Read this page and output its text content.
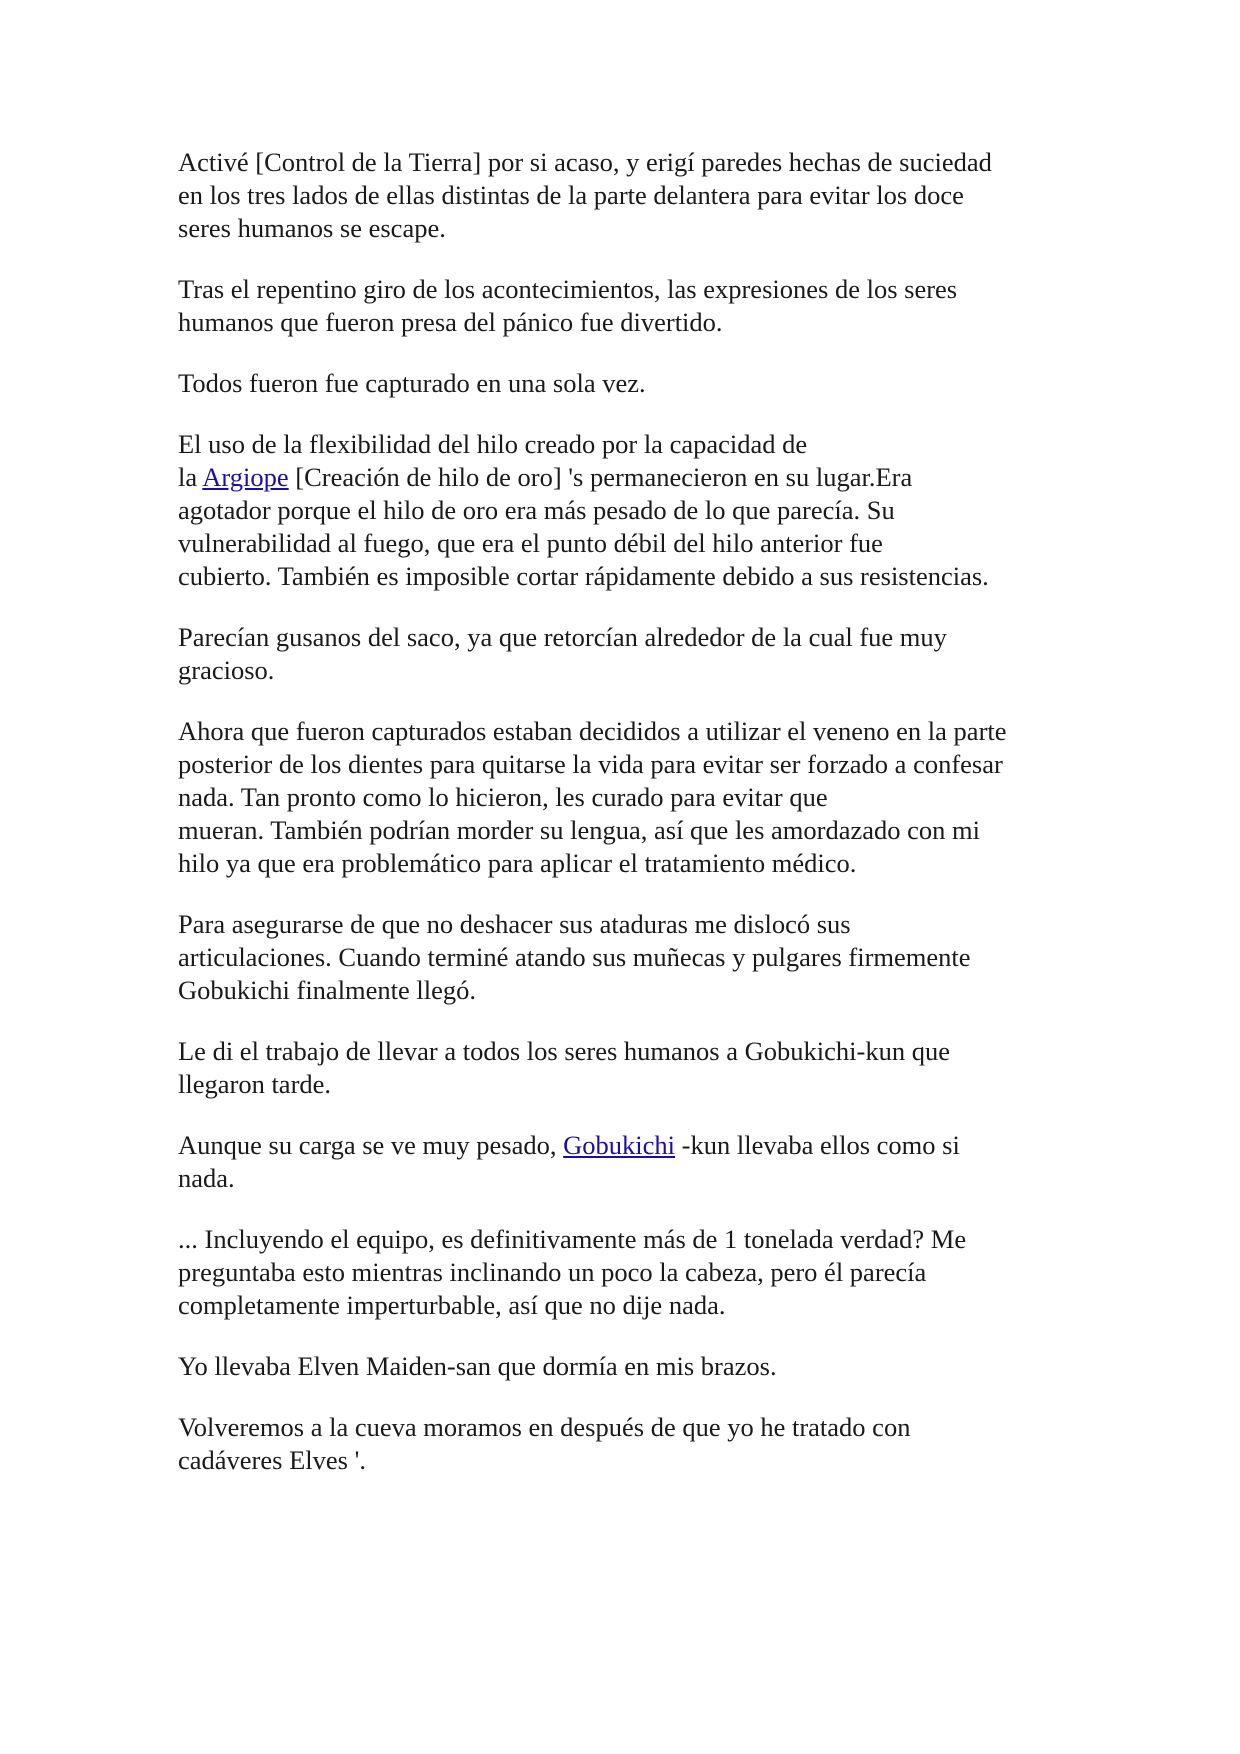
Activé [Control de la Tierra] por si acaso, y erigí paredes hechas de suciedad
en los tres lados de ellas distintas de la parte delantera para evitar los doce
seres humanos se escape.

Tras el repentino giro de los acontecimientos, las expresiones de los seres
humanos que fueron presa del pánico fue divertido.

Todos fueron fue capturado en una sola vez.

El uso de la flexibilidad del hilo creado por la capacidad de
la Argiope [Creación de hilo de oro] 's permanecieron en su lugar.Era
agotador porque el hilo de oro era más pesado de lo que parecía. Su
vulnerabilidad al fuego, que era el punto débil del hilo anterior fue
cubierto. También es imposible cortar rápidamente debido a sus resistencias.

Parecían gusanos del saco, ya que retorcían alrededor de la cual fue muy
gracioso.

Ahora que fueron capturados estaban decididos a utilizar el veneno en la parte
posterior de los dientes para quitarse la vida para evitar ser forzado a confesar
nada. Tan pronto como lo hicieron, les curado para evitar que
mueran. También podrían morder su lengua, así que les amordazado con mi
hilo ya que era problemático para aplicar el tratamiento médico.

Para asegurarse de que no deshacer sus ataduras me dislocó sus
articulaciones. Cuando terminé atando sus muñecas y pulgares firmemente
Gobukichi finalmente llegó.

Le di el trabajo de llevar a todos los seres humanos a Gobukichi-kun que
llegaron tarde.

Aunque su carga se ve muy pesado, Gobukichi -kun llevaba ellos como si
nada.

... Incluyendo el equipo, es definitivamente más de 1 tonelada verdad? Me
preguntaba esto mientras inclinando un poco la cabeza, pero él parecía
completamente imperturbable, así que no dije nada.

Yo llevaba Elven Maiden-san que dormía en mis brazos.

Volveremos a la cueva moramos en después de que yo he tratado con
cadáveres Elves '.
